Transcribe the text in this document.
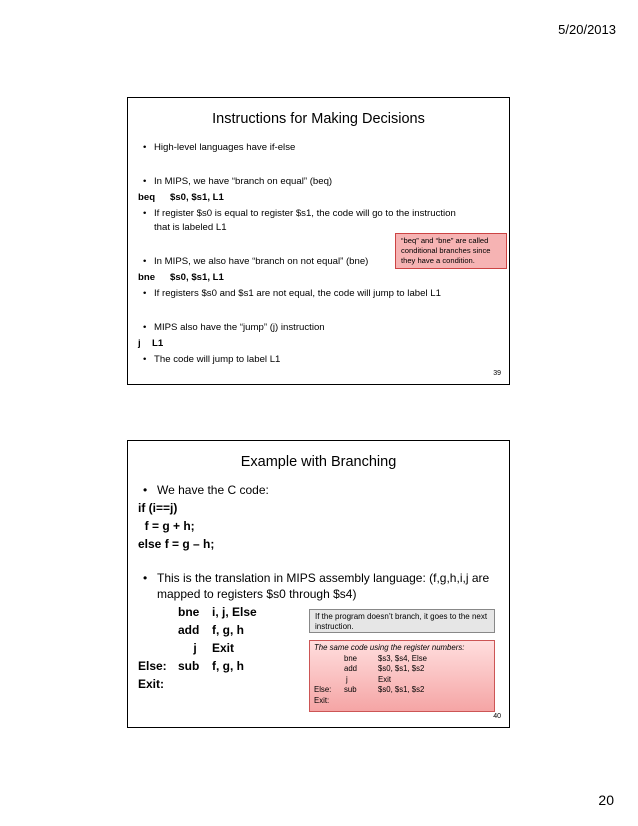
5/20/2013
Instructions for Making Decisions
• High-level languages have if-else
• In MIPS, we have “branch on equal” (beq)
beq $s0, $s1, L1
• If register $s0 is equal to register $s1, the code will go to the instruction
that is labeled L1
• In MIPS, we also have “branch on not equal” (bne)
bne $s0, $s1, L1
• If registers $s0 and $s1 are not equal, the code will jump to label L1
• MIPS also have the “jump” (j) instruction
j L1
• The code will jump to label L1
“beq” and “bne” are called conditional branches since they have a condition.
39
Example with Branching
• We have the C code:
if (i==j)
f = g + h;
else f = g – h;
• This is the translation in MIPS assembly language: (f,g,h,i,j are
mapped to registers $s0 through $s4)
bne i, j, Else
add f, g, h
j Exit
Else: sub f, g, h
Exit:
If the program doesn’t branch, it goes to the next instruction.
The same code using the register numbers:
bne	$s3, $s4, Else
add	$s0, $s1, $s2
j	Exit
Else: sub	$s0, $s1, $s2
Exit:
40
20
